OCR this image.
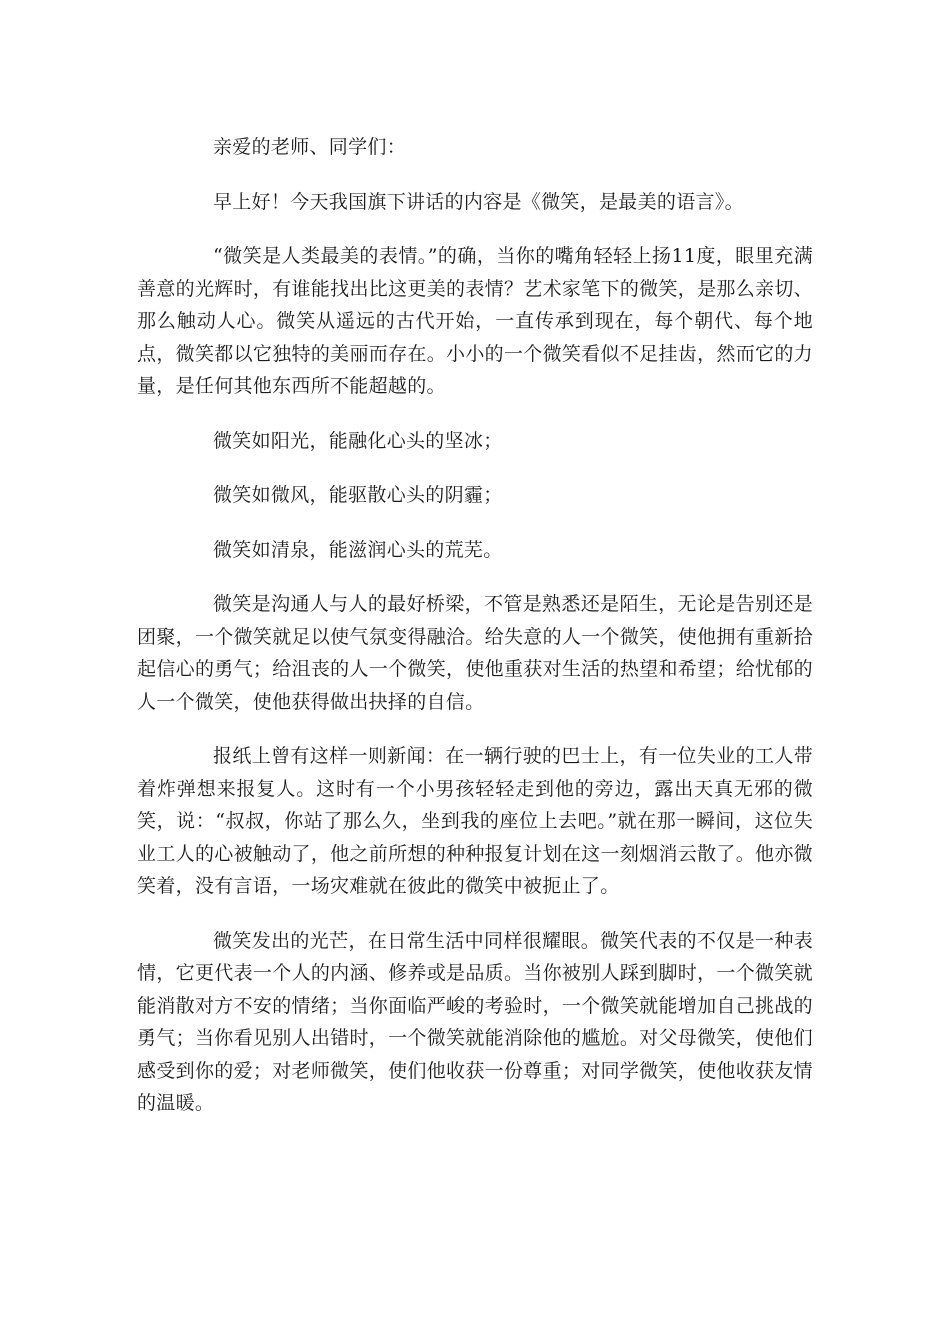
亲爱的老师、同学们：

早上好！今天我国旗下讲话的内容是《微笑，是最美的语言》。

“微笑是人类最美的表情。”的确，当你的嘴角轻轻上扬11度，眼里充满善意的光辉时，有谁能找出比这更美的表情？艺术家笔下的微笑，是那么亲切、那么触动人心。微笑从遥远的古代开始，一直传承到现在，每个朝代、每个地点，微笑都以它独特的美丽而存在。小小的一个微笑看似不足挂齿，然而它的力量，是任何其他东西所不能超越的。

微笑如阳光，能融化心头的坚冰；

微笑如微风，能驱散心头的阴霾；

微笑如清泉，能滋润心头的荒芜。

微笑是沟通人与人的最好桥梁，不管是熟悉还是陌生，无论是告别还是团聚，一个微笑就足以使气氛变得融洽。给失意的人一个微笑，使他拥有重新拾起信心的勇气；给沮丧的人一个微笑，使他重获对生活的热望和希望；给忧郁的人一个微笑，使他获得做出抉择的自信。

报纸上曾有这样一则新闻：在一辆行驶的巴士上，有一位失业的工人带着炸弹想来报复人。这时有一个小男孩轻轻走到他的旁边，露出天真无邪的微笑，说：“叔叔，你站了那么久，坐到我的座位上去吧。”就在那一瞬间，这位失业工人的心被触动了，他之前所想的种种报复计划在这一刻烟消云散了。他亦微笑着，没有言语，一场灾难就在彼此的微笑中被扼止了。

微笑发出的光芒，在日常生活中同样很耀眼。微笑代表的不仅是一种表情，它更代表一个人的内涵、修养或是品质。当你被别人踩到脚时，一个微笑就能消散对方不安的情绪；当你面临严峻的考验时，一个微笑就能增加自己挑战的勇气；当你看见别人出错时，一个微笑就能消除他的尴尬。对父母微笑，使他们感受到你的爱；对老师微笑，使们他收获一份尊重；对同学微笑，使他收获友情的温暖。
